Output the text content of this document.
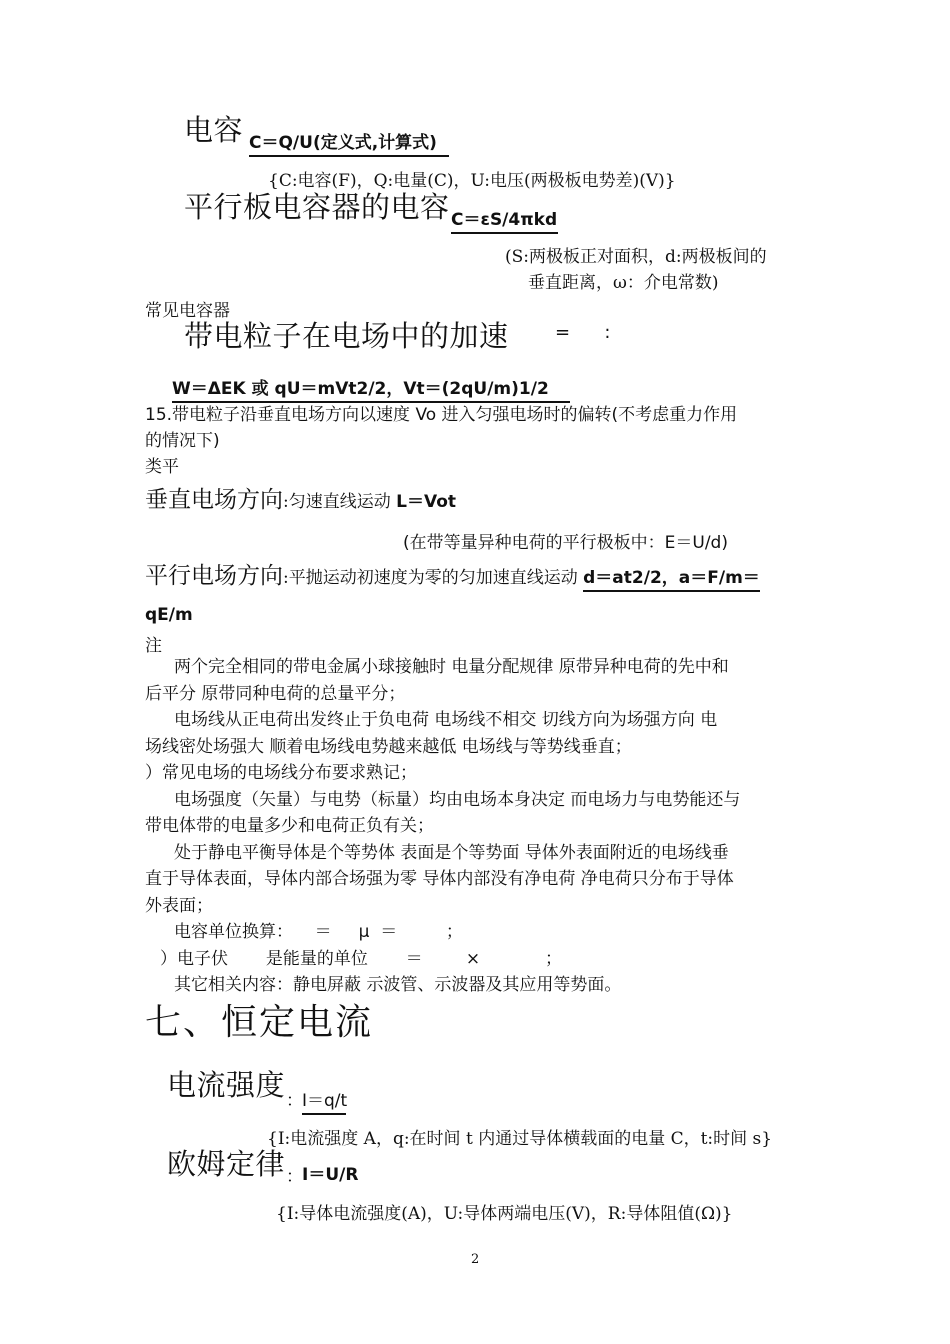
电容 C＝Q/U(定义式,计算式)
{C:电容(F)，Q:电量(C)，U:电压(两极板电势差)(V)}
平行板电容器的电容 C＝εS/4πkd
(S:两极板正对面积，d:两极板间的
垂直距离，ω：介电常数)
常见电容器
带电粒子在电场中的加速	=      :
W＝ΔEK 或 qU＝mVt2/2，Vt＝(2qU/m)1/2
15.带电粒子沿垂直电场方向以速度 Vo 进入匀强电场时的偏转(不考虑重力作用
的情况下)
类平
垂直电场方向:匀速直线运动 L＝Vot
(在带等量异种电荷的平行极板中：E＝U/d)
平行电场方向:平抛运动初速度为零的匀加速直线运动 d＝at2/2，a＝F/m＝
qE/m
注
两个完全相同的带电金属小球接触时 电量分配规律 原带异种电荷的先中和
后平分 原带同种电荷的总量平分；
电场线从正电荷出发终止于负电荷 电场线不相交 切线方向为场强方向 电
场线密处场强大 顺着电场线电势越来越低 电场线与等势线垂直；
）常见电场的电场线分布要求熟记；
电场强度（矢量）与电势（标量）均由电场本身决定 而电场力与电势能还与
带电体带的电量多少和电荷正负有关；
处于静电平衡导体是个等势体 表面是个等势面 导体外表面附近的电场线垂
直于导体表面，导体内部合场强为零 导体内部没有净电荷 净电荷只分布于导体
外表面；
电容单位换算：    ＝     μ  ＝         ；
）电子伏       是能量的单位       ＝        ×            ；
其它相关内容：静电屏蔽 示波管、示波器及其应用等势面。
七、恒定电流
电流强度 ： I＝q/t
{I:电流强度 A，q:在时间 t 内通过导体横载面的电量 C，t:时间 s}
欧姆定律 ： I＝U/R
{I:导体电流强度(A)，U:导体两端电压(V)，R:导体阻值(Ω)}
2
